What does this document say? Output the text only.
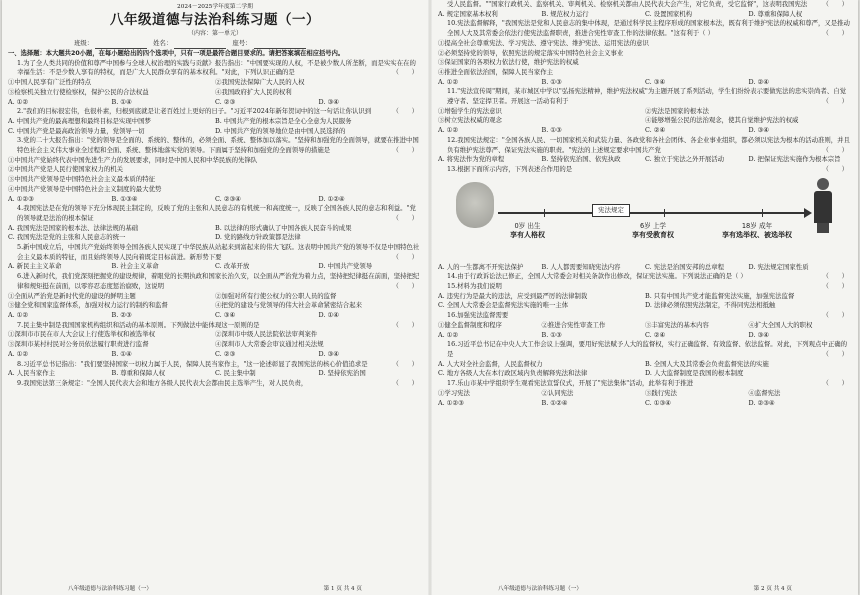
2024－2025学年度第二学期
八年级道德与法治科练习题（一）
（内容：第一单元）
班级：	姓名：	座号：
一、选择题：本大题共20小题，在每小题给出的四个选项中，只有一项是最符合题目要求的。请把答案填在相应括号内。
1.为了全人类共同的价值和尊严中国参与全球人权治理的实践与贡献》报告指出："中国要实现的人权，不是被少数人所垄断，而是实实在在的幸福生活：不是少数人享有的特权，而是广大人民群众享有的基本权利。"对此，下列认识正确的是	（　　）
①中国人民享有广泛性的特点	②我国宪法保障广大人民的人权
③检察机关独立行使检察权，保护公民的合法权益	④我国政府扩大人民的权利
A. ①②	B. ①④	C. ②③	D. ③④
2."我们的目标很宏伟，也很朴素，归根到底就是让老百姓过上更好的日子。"习近平2024年新年贺词中的这一句话让你认识到	（　　）
A. 中国共产党的最高理想和最终目标是实现中国梦	B. 中国共产党的根本宗旨是全心全意为人民服务
C. 中国共产党是最高政治领导力量，党领导一切	D. 中国共产党的领导地位是由中国人民选择的
3.党的二十大报告指出："党的领导是全面的、系统的、整体的，必须全面、系统、整体加以落实。"坚持和加强党的全面领导，就要在推进中国特色社会主义伟大事业全过程和全面、系统、整体地落实党的领导。下面属于坚持和加强党的全面领导的措施是	（　　）
①中国共产党始终代表中国先进生产力的发展要求，同时是中国人民和中华民族的先锋队
②中国共产党是人民行使国家权力的机关
③中国共产党领导是中国特色社会主义最本质的特征
④中国共产党领导是中国特色社会主义制度的最大优势
A. ①②③	B. ①③④	C. ②③④	D. ①②④
4.我国宪法是在党的领导下充分体现民主制定的，反映了党的主张和人民意志的有机统一和高度统一，反映了全国各族人民的意志和利益。"党的领导就是法治的根本保证	（　　）
A. 我国宪法是国家的根本法、法律法规的基础	B. 以法律的形式确认了中国各族人民奋斗的成果
C. 我国宪法是党的主张和人民意志的统一	D. 党的路线方针政策都是法律
5.新中国成立后，中国共产党始终领导全国各族人民实现了中华民族从站起来到富起来的伟大飞跃。这表明中国共产党的领导不仅是中国特色社会主义最本质的特征，而且始终领导人民向着既定目标前进。新形势下要	（　　）
A. 新民主主义革命	B. 社会主义革命	C. 改革开放	D. 中国共产党领导
6.进入新时代，我们党深刻把握党的建设规律，着眼党的长期执政和国家长治久安，以全面从严治党为着力点，坚持把纪律挺在前面，坚持把纪律和规矩挺在前面，以零容忍态度惩治腐败，这说明	（　　）
①全面从严治党是新时代党的建设的鲜明主题	②加强对所有行使公权力的公职人员的监督
③健全党和国家监督体系，加强对权力运行的制约和监督	④把党的建设与党领导的伟大社会革命紧密结合起来
A. ①②	B. ②③	C. ③④	D. ①④
7.民主集中制是我国国家机构组织和活动的基本原则。下列做法中能体现这一原则的是	（　　）
①深圳市市民在市人大会议上行使选举权和被选举权	②深圳市中级人民法院依法审判案件
③深圳市某村村民对公务员依法履行职责进行监督	④深圳市人大常委会审议通过相关法规
A. ①②	B. ①④	C. ②③	D. ③④
8.习近平总书记指出："我们要坚持国家一切权力属于人民，保障人民当家作主，"这一论述彰显了我国宪法的核心价值追求是	（　　）
A. 人民当家作主	B. 尊重和保障人权	C. 民主集中制	D. 坚持依宪治国
9.我国宪法第三条规定："全国人民代表大会和地方各级人民代表大会都由民主选举产生，对人民负责，	（　　）
八年级道德与法治科练习题（一）	第 1 页 共 4 页
受人民监督。""国家行政机关、监察机关、审判机关、检察机关都由人民代表大会产生，对它负责，受它监督"，这表明我国宪法 （　　）
A. 规定国家基本权利	B. 规范权力运行	C. 设置国家机构	D. 尊重和保障人权
10.宪法监督解释，"我国宪法是党和人民意志的集中体现，是通过科学民主程序形成的国家根本法，既有利于维护宪法的权威和尊严，又是推动全国人大及其常委会依法行使宪法监督职责，推进合宪性审查工作的法律依据。"这有利于（ ）	（　　）
①提高全社会尊重宪法、学习宪法、遵守宪法、维护宪法、运用宪法的意识
②必须坚持党的领导，依照宪法的规定落实中国特色社会主义事业
③保证国家的各项权力依法行使，维护宪法的权威
④推进全面依法治国，保障人民当家作主
A. ①②	B. ①③	C. ③④	D. ②④
11."宪法宣传周"期间，某市城区中学以"弘扬宪法精神，维护宪法权威"为主题开展了系列活动，学生们纷纷表示要做宪法的忠实崇尚者、自觉遵守者、坚定捍卫者。开展这一活动有利于	（　　）
①增强学生的宪法意识	②宪法是国家的根本法
③树立宪法权威的观念	④能够增强公民的法治观念，使其自觉维护宪法的权威
A. ①②	B. ①③	C. ②④	D. ③④
12.我国宪法规定："全国各族人民、一切国家机关和武装力量、各政党和各社会团体、各企业事业组织，都必须以宪法为根本的活动准则，并且负有维护宪法尊严、保证宪法实施的职责。"宪法的上述规定要求中国共产党	（　　）
A. 将宪法作为党的章程	B. 坚持依宪治国、依宪执政	C. 独立于宪法之外开展活动	D. 把保证宪法实施作为根本宗旨
13.根据下面所示内容，下列表述合作用的是	（　　）
宪法规定
0岁 出生
享有人格权
6岁 上学
享有受教育权
18岁 成年
享有选举权、被选举权
A. 人的一生都离不开宪法保护	B. 人人都需要知晓宪法内容	C. 宪法是治国安邦的总章程	D. 宪法规定国家性质
14.由于行政诉讼法已修正，全国人大常委会对相关条款作出修改，保证宪法实施。下列说法正确的是（ ）	（　　）
15.材料为我们说明	（　　）
A. 违宪行为是最大的违法，应受到最严厉的法律制裁	B. 只有中国共产党才能监督宪法实施，加强宪法监督
C. 全国人大常委会是监督宪法实施的唯一主体	D. 法律必须依照宪法制定，不得同宪法相抵触
16.加强宪法监督需要	（　　）
①健全监督制度和程序	②推进合宪性审查工作	③丰富宪法的基本内容	④扩大全国人大的职权
A. ①②	B. ①③	C. ②④	D. ③④
16.习近平总书记在中央人大工作会议上强调，要用好宪法赋予人大的监督权，实行正确监督、有效监督、依法监督。对此，下列观点中正确的是	（　　）
A. 人大对全社会监督，人民监督权力	B. 全国人大及其常委会负责监督宪法的实施
C. 地方各级人大在本行政区域内负责解释宪法和法律	D. 人大监督制度是我国的根本制度
17.乐山市某中学组织学生观看宪法宣誓仪式，开展了"宪法集体"活动，此举有利于推进	（　　）
①学习宪法	②认同宪法	③践行宪法	④监督宪法
A. ①②③	B. ①②④	C. ①③④	D. ②③④
八年级道德与法治科练习题（一）	第 2 页 共 4 页
